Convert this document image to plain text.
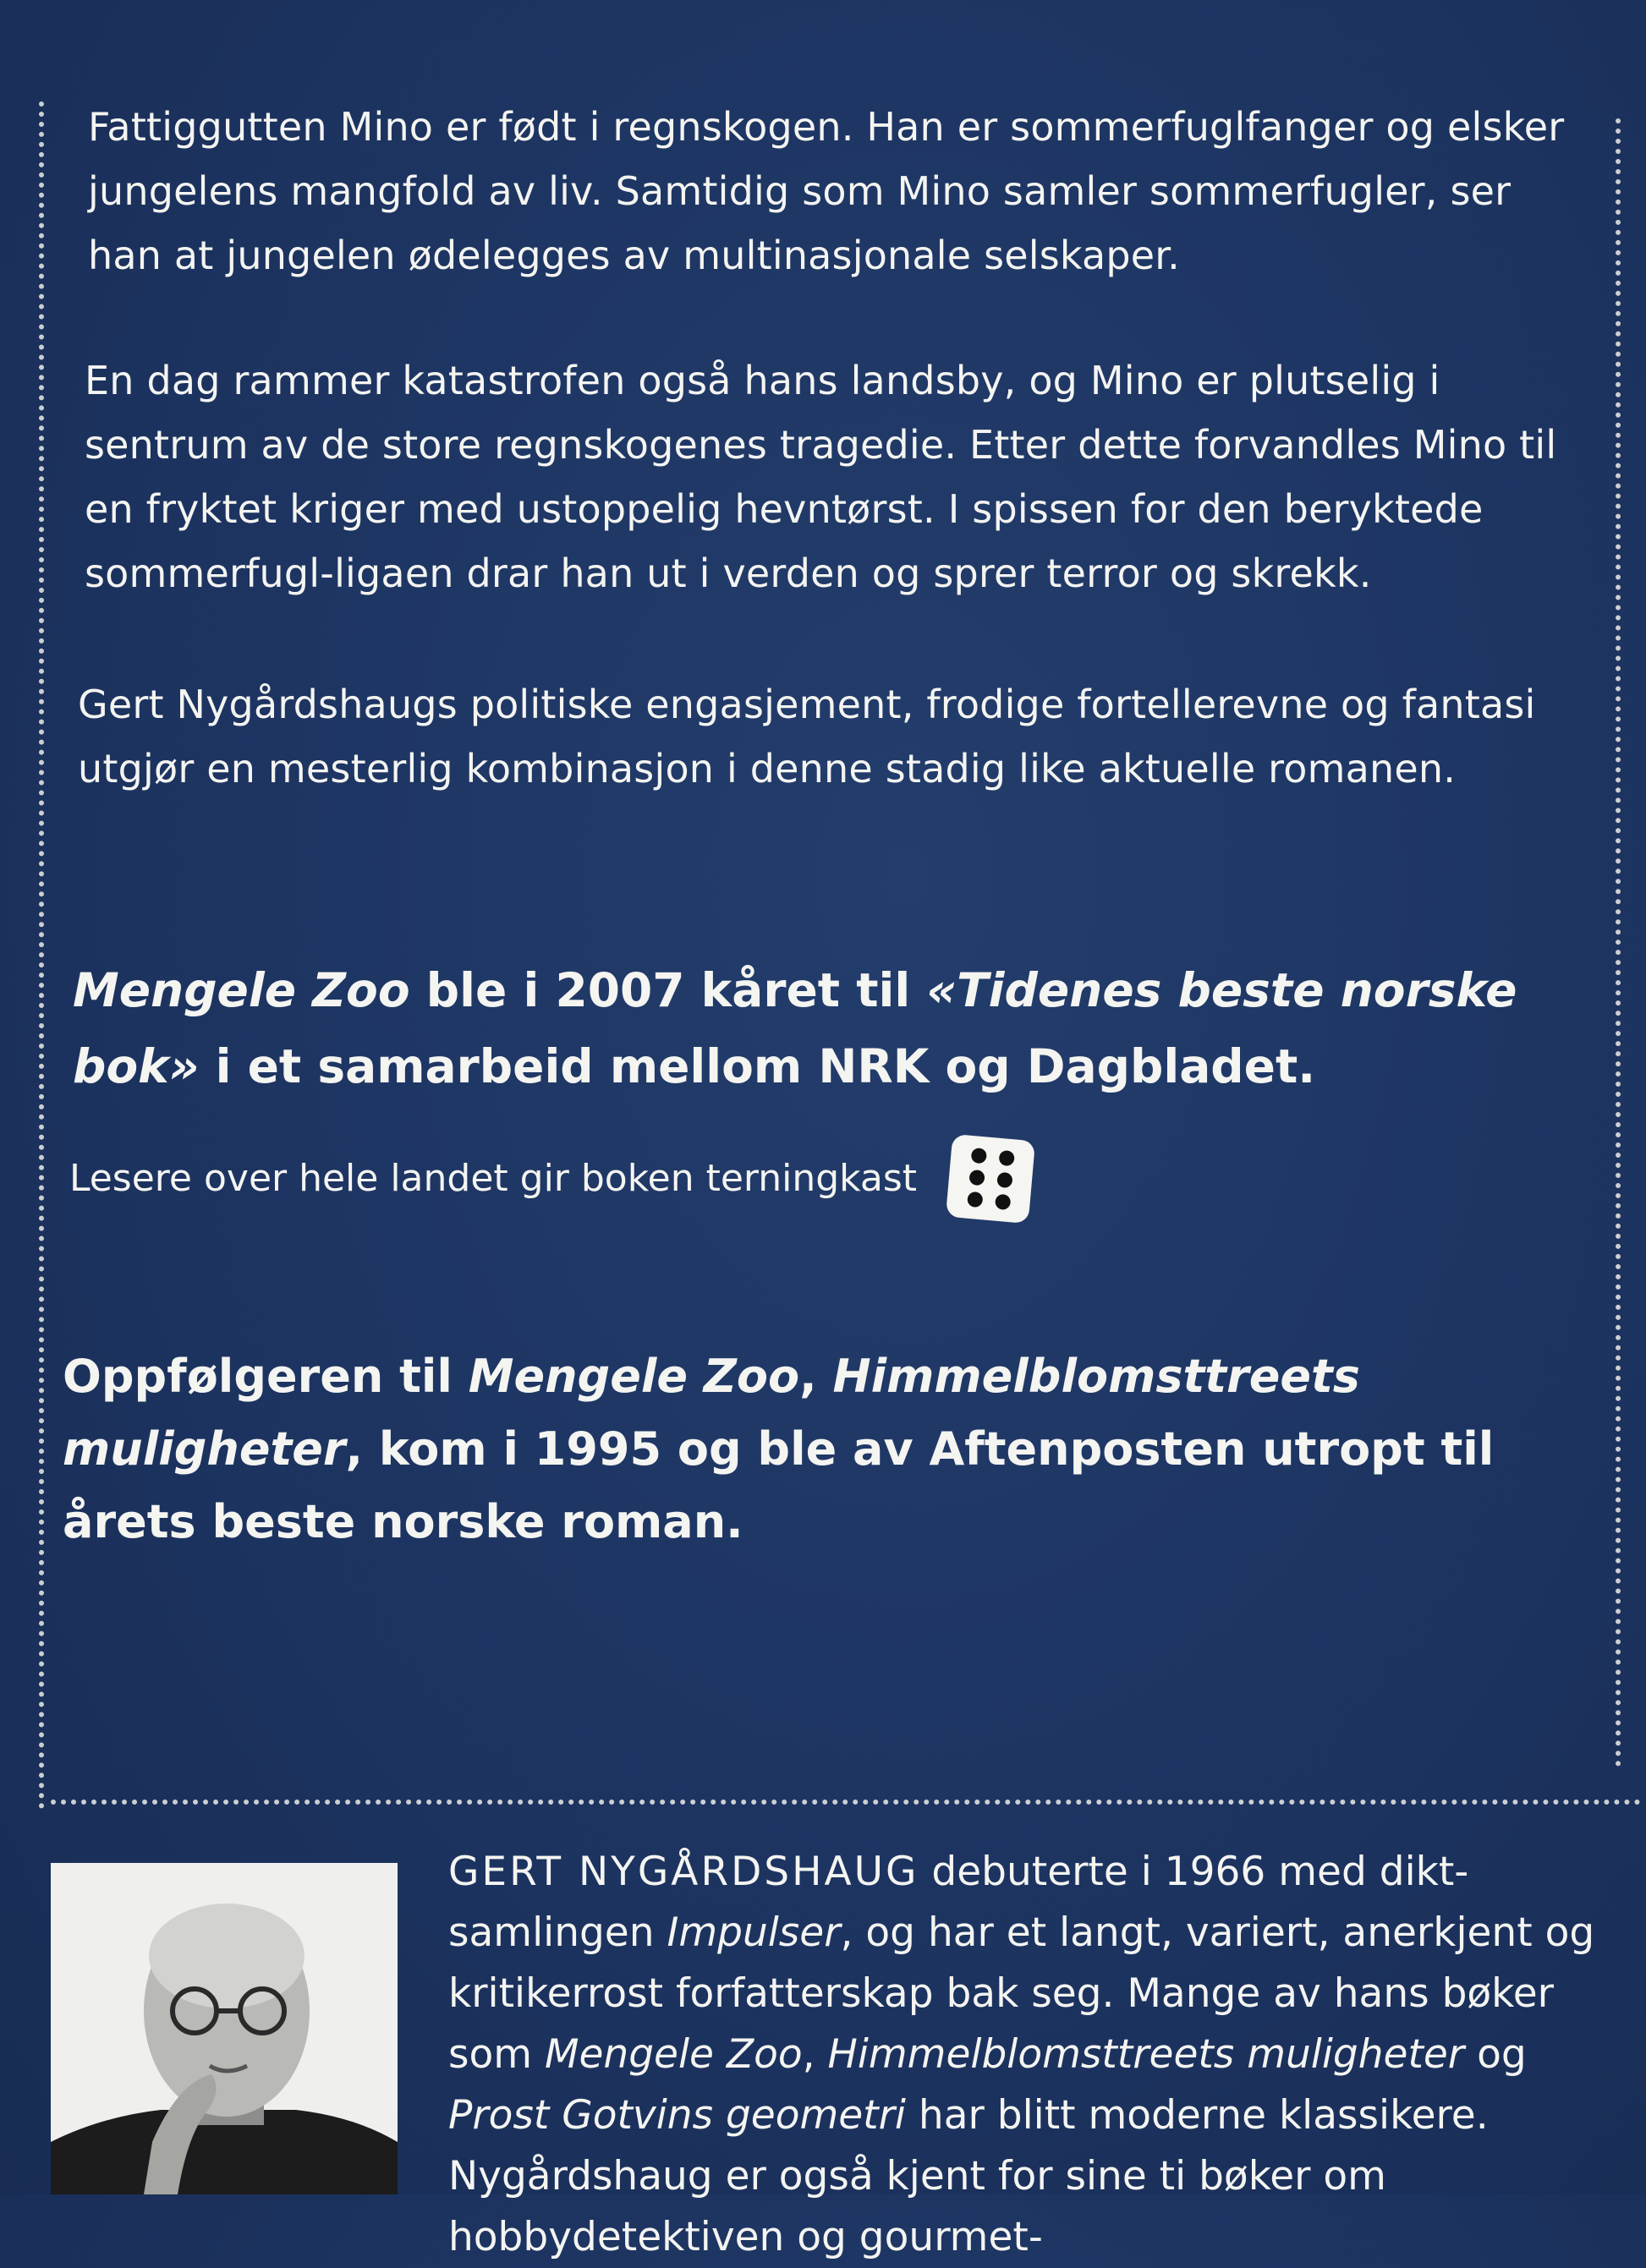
Fattiggutten Mino er født i regnskogen. Han er sommerfuglfanger og elsker jungelens mangfold av liv. Samtidig som Mino samler sommerfugler, ser han at jungelen ødelegges av multinasjonale selskaper.

En dag rammer katastrofen også hans landsby, og Mino er plutselig i sentrum av de store regnskogenes tragedie. Etter dette forvandles Mino til en fryktet kriger med ustoppelig hevntørst. I spissen for den beryktede sommerfugl-ligaen drar han ut i verden og sprer terror og skrekk.

Gert Nygårdshaugs politiske engasjement, frodige fortellerevne og fantasi utgjør en mesterlig kombinasjon i denne stadig like aktuelle romanen.

Mengele Zoo ble i 2007 kåret til «Tidenes beste norske bok» i et samarbeid mellom NRK og Dagbladet.

Lesere over hele landet gir boken terningkast

Oppfølgeren til Mengele Zoo, Himmelblomsttreets muligheter, kom i 1995 og ble av Aftenposten utropt til årets beste norske roman.

GERT NYGÅRDSHAUG debuterte i 1966 med dikt-samlingen Impulser, og har et langt, variert, anerkjent og kritikerrost forfatterskap bak seg. Mange av hans bøker som Mengele Zoo, Himmelblomsttreets muligheter og Prost Gotvins geometri har blitt moderne klassikere. Nygårdshaug er også kjent for sine ti bøker om hobbydetektiven og gourmet-
